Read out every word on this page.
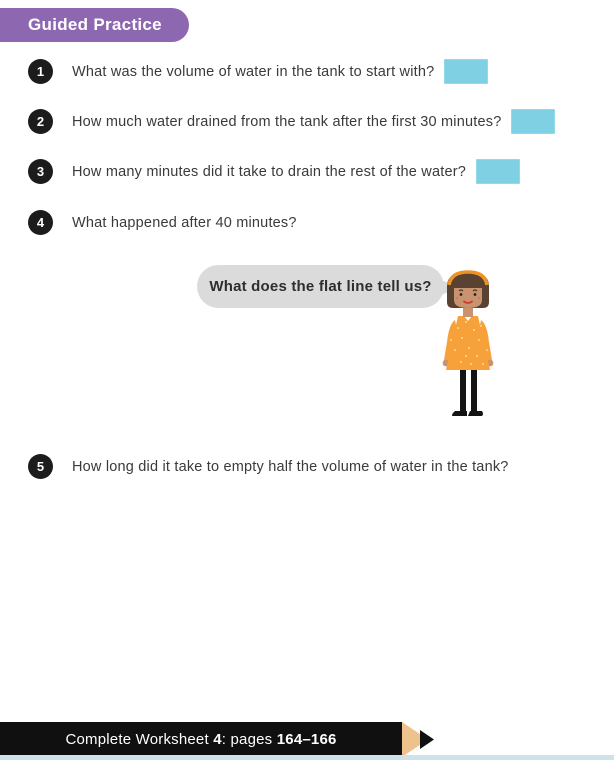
Guided Practice
1	What was the volume of water in the tank to start with?
2	How much water drained from the tank after the first 30 minutes?
3	How many minutes did it take to drain the rest of the water?
4	What happened after 40 minutes?
What does the flat line tell us?
5	How long did it take to empty half the volume of water in the tank?
Complete Worksheet 4 : pages 164–166
